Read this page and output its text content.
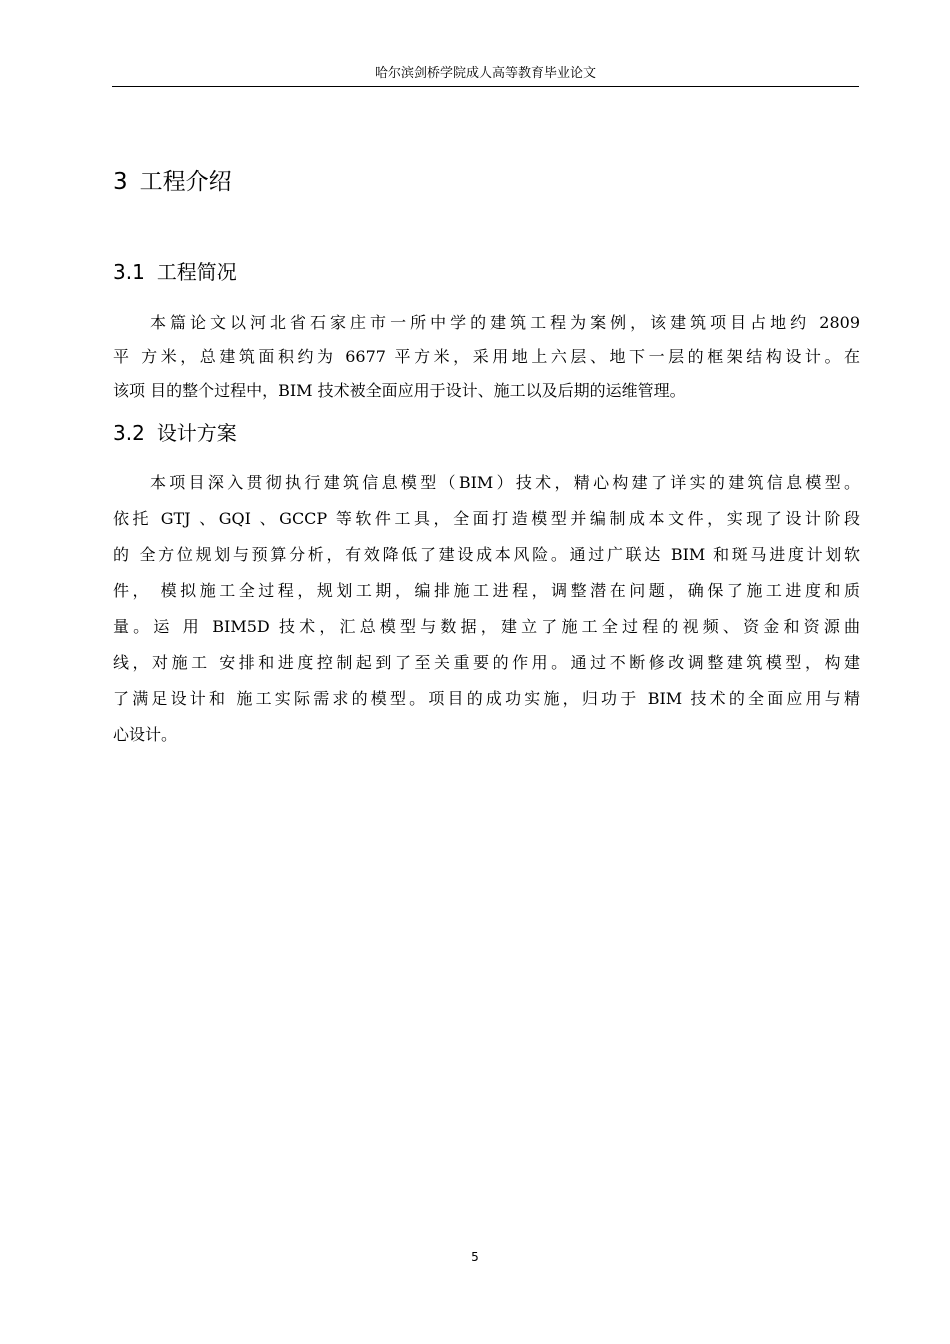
哈尔滨剑桥学院成人高等教育毕业论文
3 工程介绍
3.1 工程简况
本篇论文以河北省石家庄市一所中学的建筑工程为案例，该建筑项目占地约 2809
平 方米，总建筑面积约为 6677 平方米，采用地上六层、地下一层的框架结构设计。在
该项 目的整个过程中，BIM 技术被全面应用于设计、施工以及后期的运维管理。
3.2 设计方案
本项目深入贯彻执行建筑信息模型（BIM）技术，精心构建了详实的建筑信息模型。
依托 GTJ 、GQI 、GCCP 等软件工具，全面打造模型并编制成本文件，实现了设计阶段
的 全方位规划与预算分析，有效降低了建设成本风险。通过广联达 BIM 和斑马进度计划软
件， 模拟施工全过程，规划工期，编排施工进程，调整潜在问题，确保了施工进度和质
量。运 用 BIM5D 技术，汇总模型与数据，建立了施工全过程的视频、资金和资源曲
线，对施工 安排和进度控制起到了至关重要的作用。通过不断修改调整建筑模型，构建
了满足设计和 施工实际需求的模型。项目的成功实施，归功于 BIM 技术的全面应用与精
心设计。
5
